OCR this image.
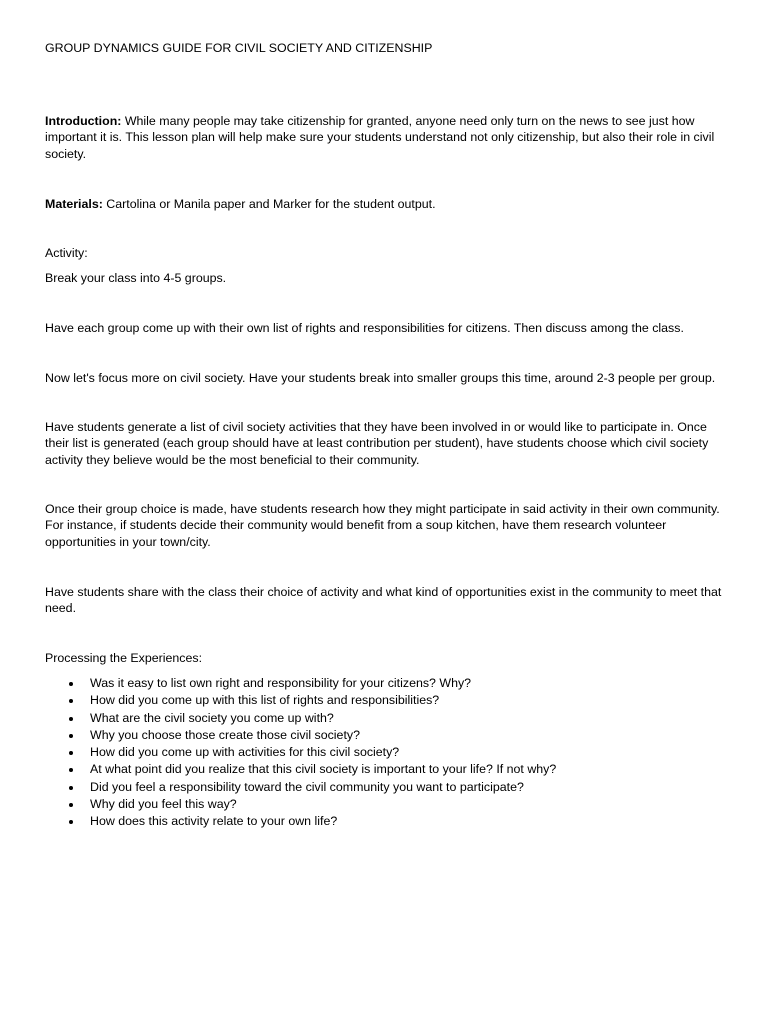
GROUP DYNAMICS GUIDE FOR CIVIL SOCIETY AND CITIZENSHIP

Introduction: While many people may take citizenship for granted, anyone need only turn on the news to see just how important it is. This lesson plan will help make sure your students understand not only citizenship, but also their role in civil society.

Materials: Cartolina or Manila paper and Marker for the student output.

Activity:

Break your class into 4-5 groups.

Have each group come up with their own list of rights and responsibilities for citizens. Then discuss among the class.

Now let's focus more on civil society. Have your students break into smaller groups this time, around 2-3 people per group.

Have students generate a list of civil society activities that they have been involved in or would like to participate in. Once their list is generated (each group should have at least contribution per student), have students choose which civil society activity they believe would be the most beneficial to their community.

Once their group choice is made, have students research how they might participate in said activity in their own community. For instance, if students decide their community would benefit from a soup kitchen, have them research volunteer opportunities in your town/city.

Have students share with the class their choice of activity and what kind of opportunities exist in the community to meet that need.

Processing the Experiences:

Was it easy to list own right and responsibility for your citizens? Why?
How did you come up with this list of rights and responsibilities?
What are the civil society you come up with?
Why you choose those create those civil society?
How did you come up with activities for this civil society?
At what point did you realize that this civil society is important to your life? If not why?
Did you feel a responsibility toward the civil community you want to participate?
Why did you feel this way?
How does this activity relate to your own life?
